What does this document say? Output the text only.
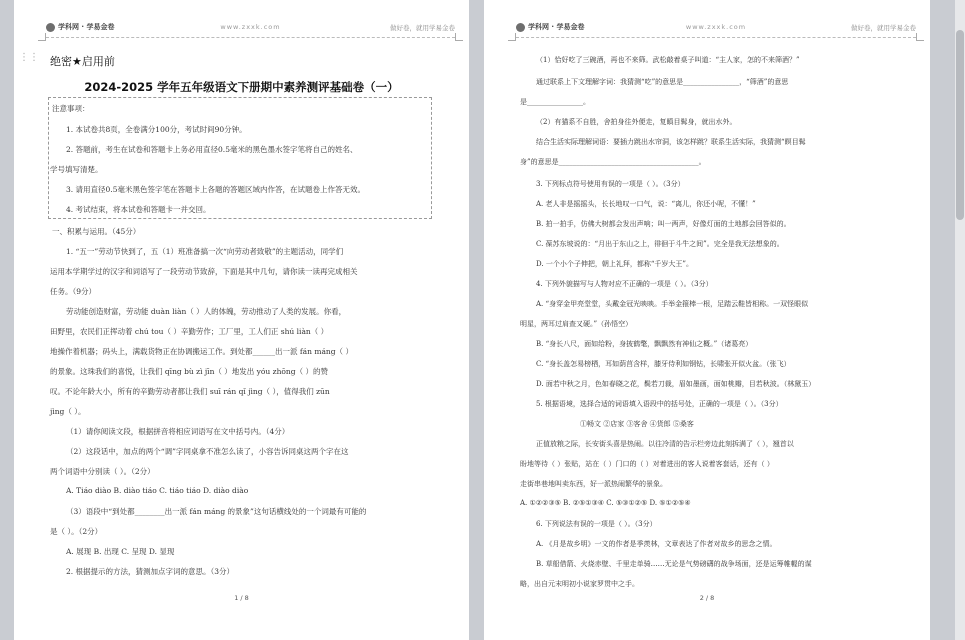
学科网 · 学易金卷	www.zxxk.com	做好卷，就用学易金卷
⋮⋮ 绝密★启用前
2024-2025 学年五年级语文下册期中素养测评基础卷（一）
注意事项：
1. 本试卷共8页，全卷满分100分，考试时间90分钟。
2. 答题前，考生在试卷和答题卡上务必用直径0.5毫米的黑色墨水签字笔将自己的姓名、
学号填写清楚。
3. 请用直径0.5毫米黑色签字笔在答题卡上各题的答题区域内作答，在试题卷上作答无效。
4. 考试结束，将本试卷和答题卡一并交回。
一、积累与运用。（45分）
1. “五一”劳动节快到了，五（1）班准备搞一次“向劳动者致敬”的主题活动，同学们
运用本学期学过的汉字和词语写了一段劳动节致辞，下面是其中几句，请你读一读再完成相关
任务。（9分）
劳动能创造财富，劳动能 duàn liàn（ ）人的体魄，劳动推动了人类的发展。你看，
田野里，农民们正挥动着 chú tou（ ）辛勤劳作；工厂里，工人们正 shú liàn（ ）
地操作着机器；码头上，满载货物正在协调搬运工作。到处都______出一派 fán máng（ ）
的景象。这珠我们的喜悦，让我们 qīng bù zì jīn（ ）地发出 yóu zhōng（ ）的赞
叹。不论年龄大小，所有的辛勤劳动者都让我们 suī rán qǐ jìng（ ），值得我们 zūn
jìng（ ）。
（1）请你阅读文段，根据拼音将相应词语写在文中括号内。（4分）
（2）这段话中，加点的两个“调”字同桌拿不准怎么读了，小容告诉同桌这两个字在这
两个词语中分别读（ ）。（2分）
A. Tiáo diào B. diào tiáo C. tiáo tiáo D. diào diào
（3）语段中“到处都________出一派 fán máng 的景象”这句话横线处的一个词最有可能的
是（ ）。（2分）
A. 展现 B. 出现 C. 呈现 D. 显现
2. 根据提示的方法，猜测加点字词的意思。（3分）
1 / 8
学科网 · 学易金卷	www.zxxk.com	做好卷，就用学易金卷
（1）恰好吃了三碗酒，再也不来筛。武松敲着桌子叫道：“主人家，怎的不来筛酒？”
通过联系上下文理解字词：我猜测“吃”的意思是________________，“筛酒”的意思
是________________。
（2）有猫系不自胜，舍拍身往外便走，复瞋目髯身，就出水外。
结合生活实际理解词语：要插力跳出水帘洞，该怎样跳？联系生活实际，我猜测“瞑目髯
身”的意思是________________________________________。
3. 下列标点符号使用有误的一项是（ ）。（3分）
A. 老人非是摇摇头，长长地叹一口气，说：“离儿，你还小呢，不懂！”
B. 拍一拍手，仿佛大树都会发出声响；叫一两声，好像灯面的土地都会回答似的。
C. 葆苏东坡说的：“月出于东山之上，徘徊于斗牛之间”。完全是我无法想象的。
D. 一个小个子伸把，朝上礼拜，都称“千岁大王”。
4. 下列外貌描写与人物对应不正确的一项是（ ）。（3分）
A. “身穿金甲亮堂堂，头戴金冠光映映。手举金箍棒一根，足踏云鞋皆相称。一双怪眼似
明星，两耳过肩查又硬。”（孙悟空）
B. “身长八尺，面如给粉，身披鹤氅，飘飘然有神仙之概。”（诸葛亮）
C. “身长盖怎易榜栖，耳如荫莒含样，膝牙侍利如钢钻，长啸张开似火盆。（张飞）
D. 面若中秋之月，色如春晓之花，鬓若刀裁，眉如墨画，面如桃瓣，目若秋波。（林黛玉）
5. 根据语境，选择合适的词语填入语段中的括号处，正确的一项是（ ）。（3分）
①畅文 ②店家 ③客舍 ④货郎 ⑤桑客
正值放粮之际，长安街头喜是热闹。以往冷清的告示栏旁边此刻拆满了（ ），翘首以
盼地等待（ ）张贴，站在（ ）门口的（ ）对着进出的客人说着客套话，还有（ ）
走街串巷地叫卖东西，好一派热闹繁华的景象。
A. ①②②③⑤ B. ②⑤①③④ C. ⑤③①②⑤ D. ⑤①②⑤④
6. 下列说法有误的一项是（ ）。（3分）
A. 《月是故乡明》一文的作者是季羡林，文章表达了作者对故乡的思念之情。
B. 草船借箭、火烧赤壁、千里走单骑……无论是气势磅礴的战争场面，还是运筹帷幄的谋
略，出自元末明初小说家罗贯中之手。
2 / 8
